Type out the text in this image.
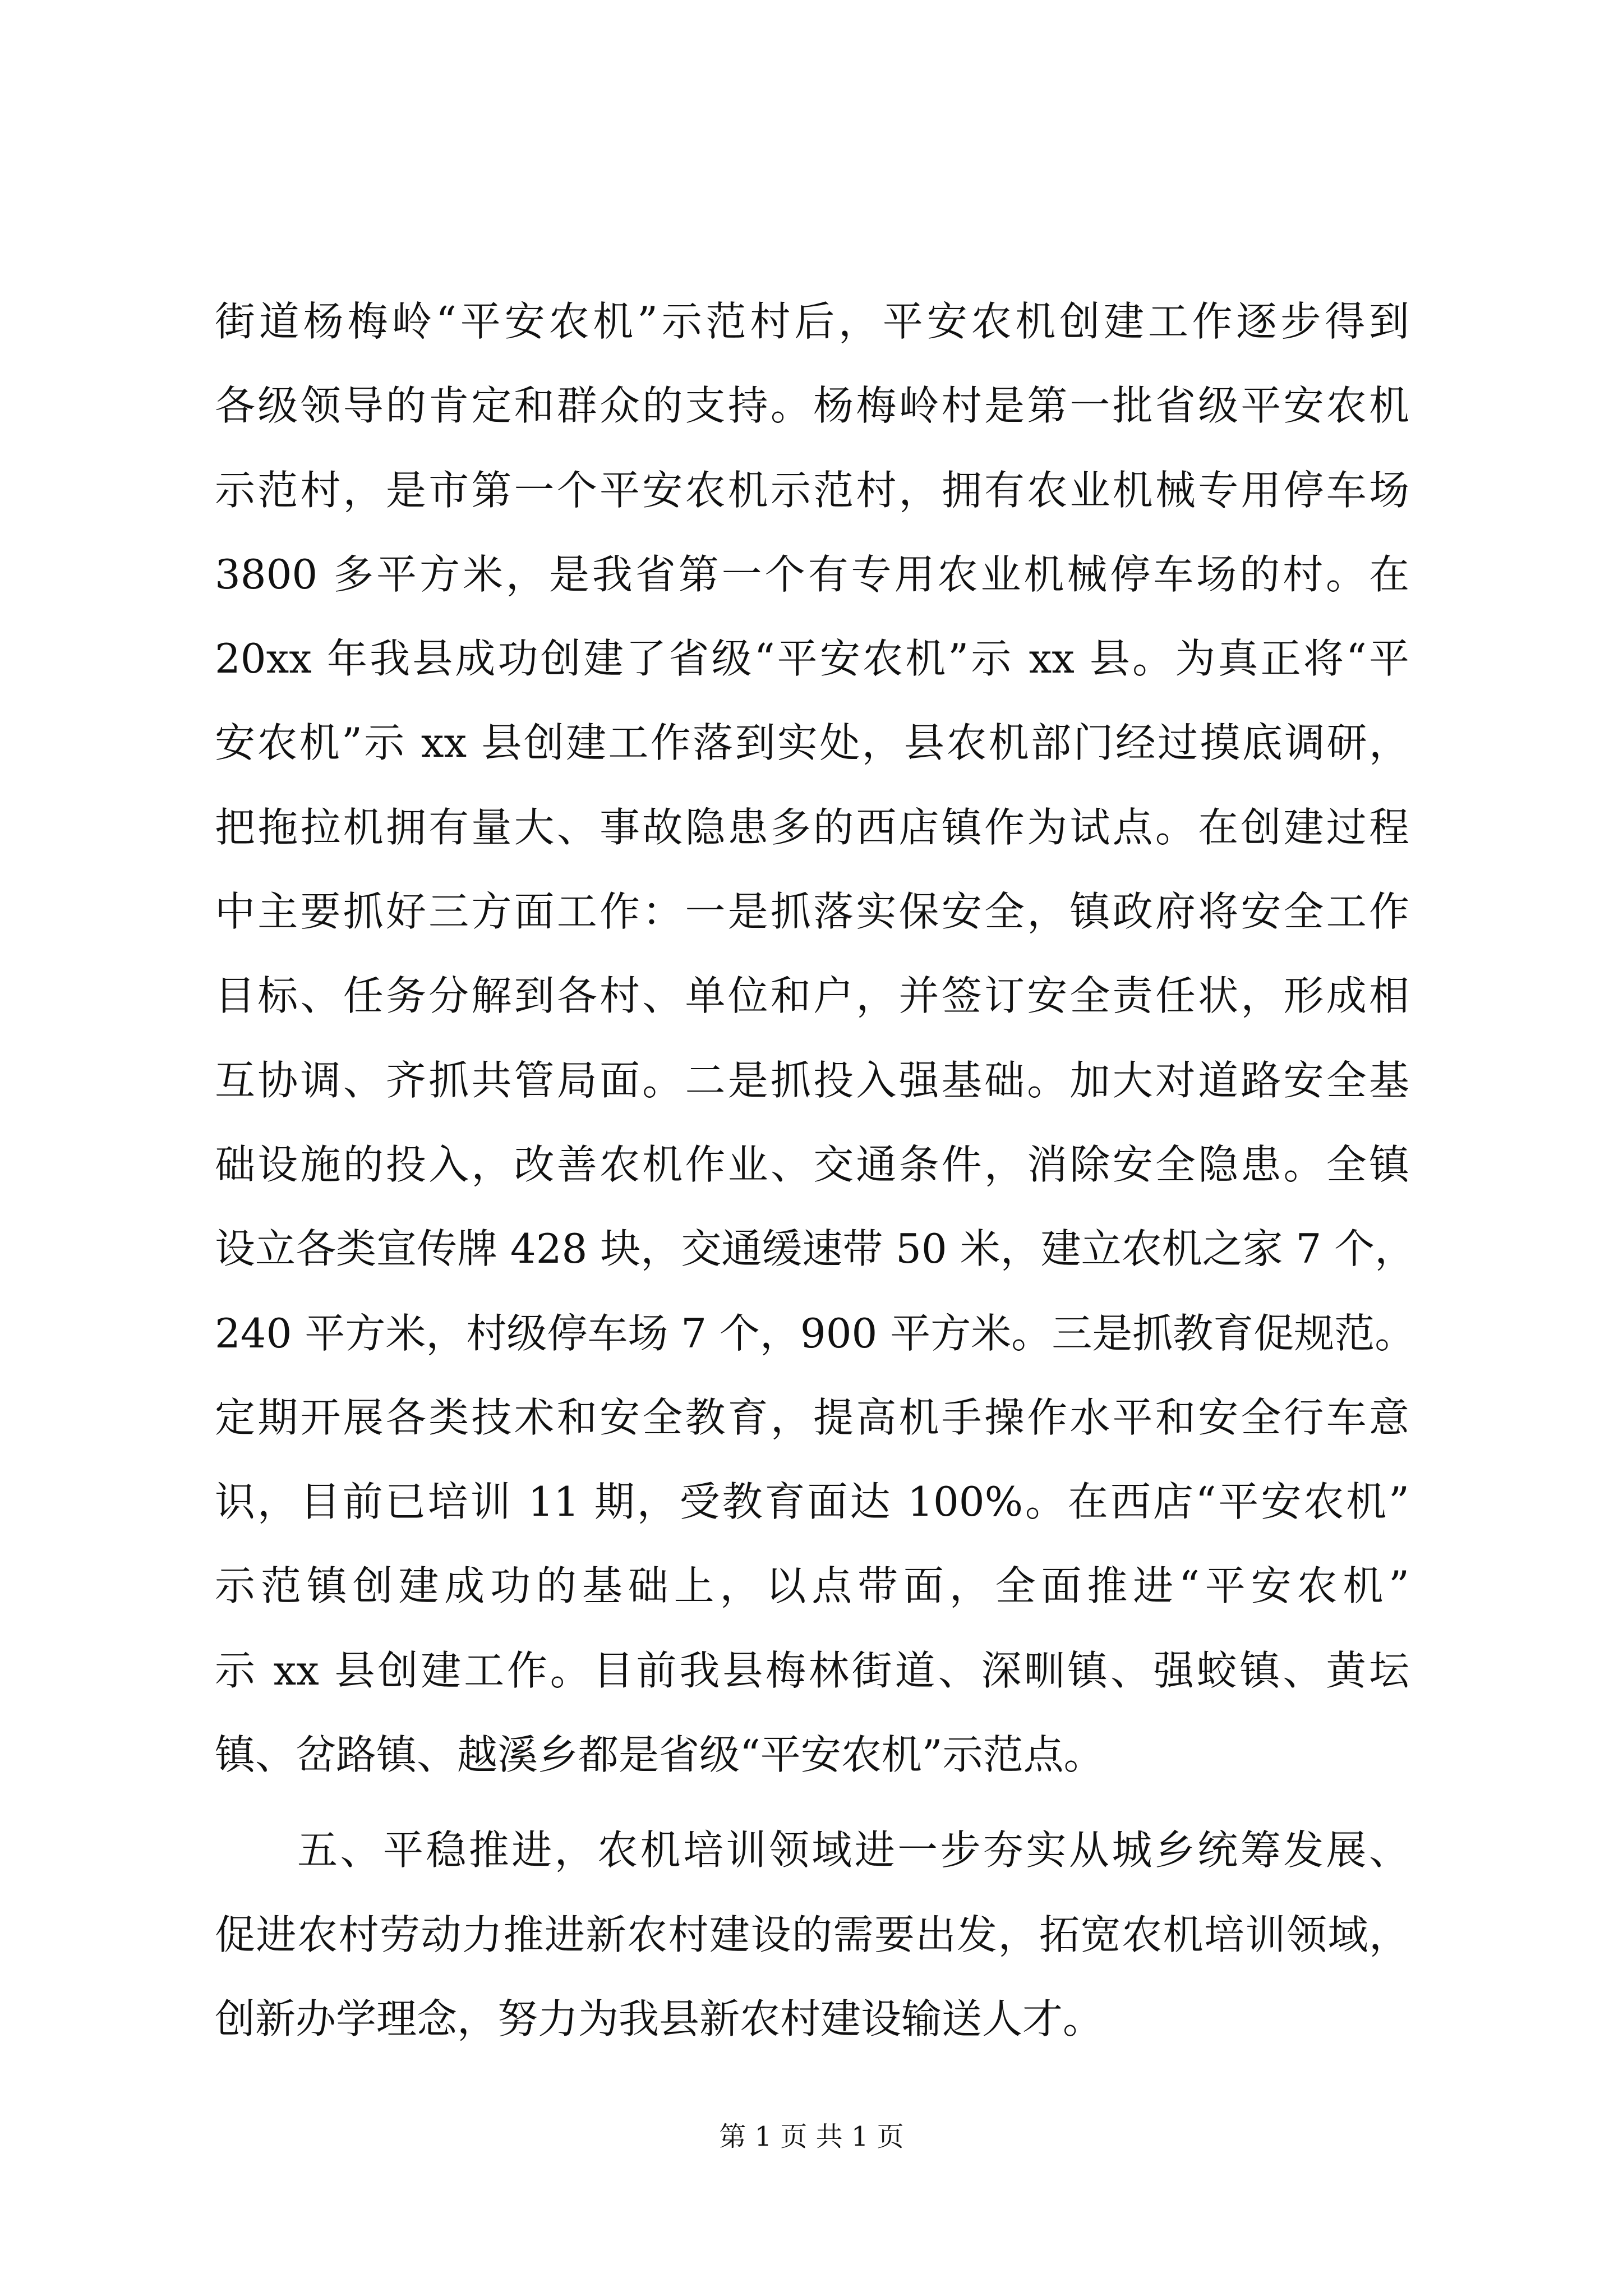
街道杨梅岭“平安农机”示范村后，平安农机创建工作逐步得到
各级领导的肯定和群众的支持。杨梅岭村是第一批省级平安农机
示范村，是市第一个平安农机示范村，拥有农业机械专用停车场
3800 多平方米，是我省第一个有专用农业机械停车场的村。在
20xx 年我县成功创建了省级“平安农机”示 xx 县。为真正将“平
安农机”示 xx 县创建工作落到实处，县农机部门经过摸底调研，
把拖拉机拥有量大、事故隐患多的西店镇作为试点。在创建过程
中主要抓好三方面工作：一是抓落实保安全，镇政府将安全工作
目标、任务分解到各村、单位和户，并签订安全责任状，形成相
互协调、齐抓共管局面。二是抓投入强基础。加大对道路安全基
础设施的投入，改善农机作业、交通条件，消除安全隐患。全镇
设立各类宣传牌 428 块，交通缓速带 50 米，建立农机之家 7 个，
240 平方米，村级停车场 7 个，900 平方米。三是抓教育促规范。
定期开展各类技术和安全教育，提高机手操作水平和安全行车意
识，目前已培训 11 期，受教育面达 100%。在西店“平安农机”
示范镇创建成功的基础上，以点带面，全面推进“平安农机”
示 xx 县创建工作。目前我县梅林街道、深甽镇、强蛟镇、黄坛
镇、岔路镇、越溪乡都是省级“平安农机”示范点。
五、平稳推进，农机培训领域进一步夯实从城乡统筹发展、
促进农村劳动力推进新农村建设的需要出发，拓宽农机培训领域，
创新办学理念，努力为我县新农村建设输送人才。
第 1 页 共 1 页
